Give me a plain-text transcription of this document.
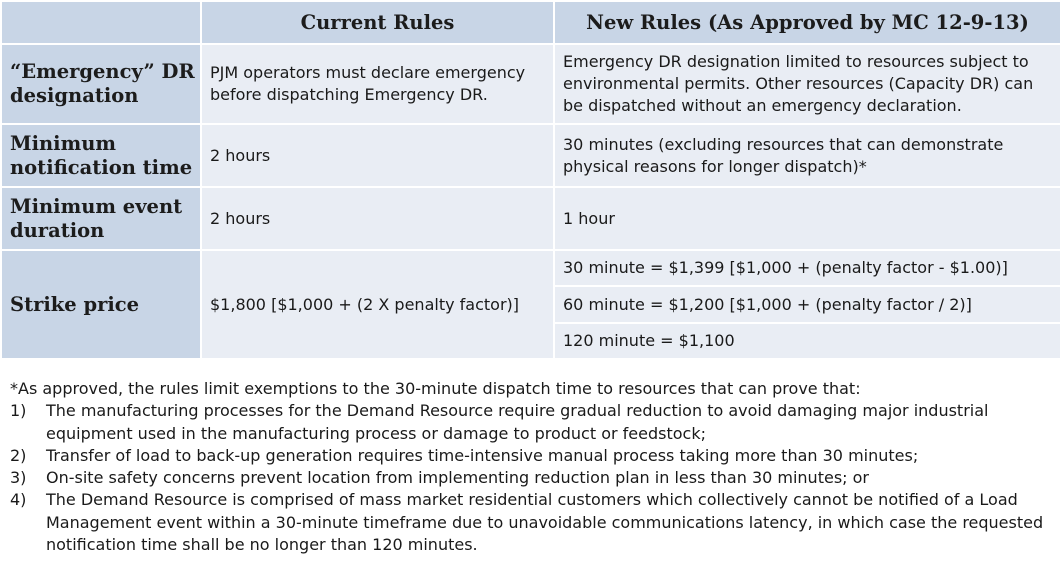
	Current Rules	New Rules (As Approved by MC 12-9-13)
“Emergency” DR designation	PJM operators must declare emergency before dispatching Emergency DR.	Emergency DR designation limited to resources subject to environmental permits. Other resources (Capacity DR) can be dispatched without an emergency declaration.
Minimum notification time	2 hours	30 minutes (excluding resources that can demonstrate physical reasons for longer dispatch)*
Minimum event duration	2 hours	1 hour
Strike price	$1,800 [$1,000 + (2 X penalty factor)]	30 minute = $1,399 [$1,000 + (penalty factor - $1.00)]
		60 minute = $1,200 [$1,000 + (penalty factor / 2)]
		120 minute = $1,100

*As approved, the rules limit exemptions to the 30-minute dispatch time to resources that can prove that:

1)	The manufacturing processes for the Demand Resource require gradual reduction to avoid damaging major industrial equipment used in the manufacturing process or damage to product or feedstock;
2)	Transfer of load to back-up generation requires time-intensive manual process taking more than 30 minutes;
3)	On-site safety concerns prevent location from implementing reduction plan in less than 30 minutes; or
4)	The Demand Resource is comprised of mass market residential customers which collectively cannot be notified of a Load Management event within a 30-minute timeframe due to unavoidable communications latency, in which case the requested notification time shall be no longer than 120 minutes.
